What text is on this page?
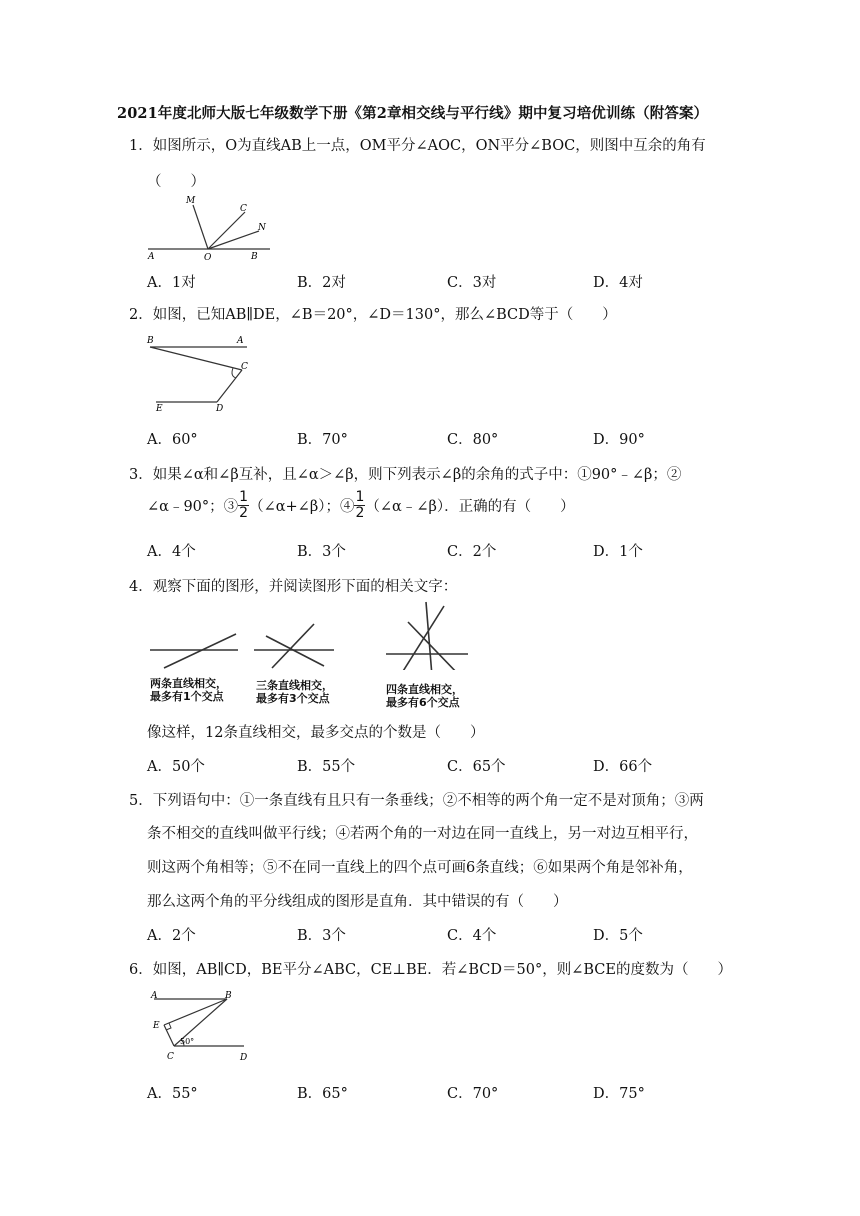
2021年度北师大版七年级数学下册《第2章相交线与平行线》期中复习培优训练（附答案）
1．如图所示，O为直线AB上一点，OM平分∠AOC，ON平分∠BOC，则图中互余的角有
（　　）
A	O	B
M
C
N
A．1对	B．2对	C．3对	D．4对
2．如图，已知AB∥DE，∠B＝20°，∠D＝130°，那么∠BCD等于（　　）
B	A
C
E	D
A．60°	B．70°	C．80°	D．90°
3．如果∠α和∠β互补，且∠α＞∠β，则下列表示∠β的余角的式子中：①90°﹣∠β；②
∠α﹣90°；③ $\frac{1}{2}$ （∠α+∠β）；④ $\frac{1}{2}$ （∠α﹣∠β）．正确的有（　　）
A．4个	B．3个	C．2个	D．1个
4．观察下面的图形，并阅读图形下面的相关文字：
两条直线相交，
最多有1个交点
三条直线相交，
最多有3个交点
四条直线相交，
最多有6个交点
像这样，12条直线相交，最多交点的个数是（　　）
A．50个	B．55个	C．65个	D．66个
5．下列语句中：①一条直线有且只有一条垂线；②不相等的两个角一定不是对顶角；③两
条不相交的直线叫做平行线；④若两个角的一对边在同一直线上，另一对边互相平行，
则这两个角相等；⑤不在同一直线上的四个点可画6条直线；⑥如果两个角是邻补角，
那么这两个角的平分线组成的图形是直角．其中错误的有（　　）
A．2个	B．3个	C．4个	D．5个
6．如图，AB∥CD，BE平分∠ABC，CE⊥BE．若∠BCD＝50°，则∠BCE的度数为（　　）
A	B
E
C	D
50°
A．55°	B．65°	C．70°	D．75°
